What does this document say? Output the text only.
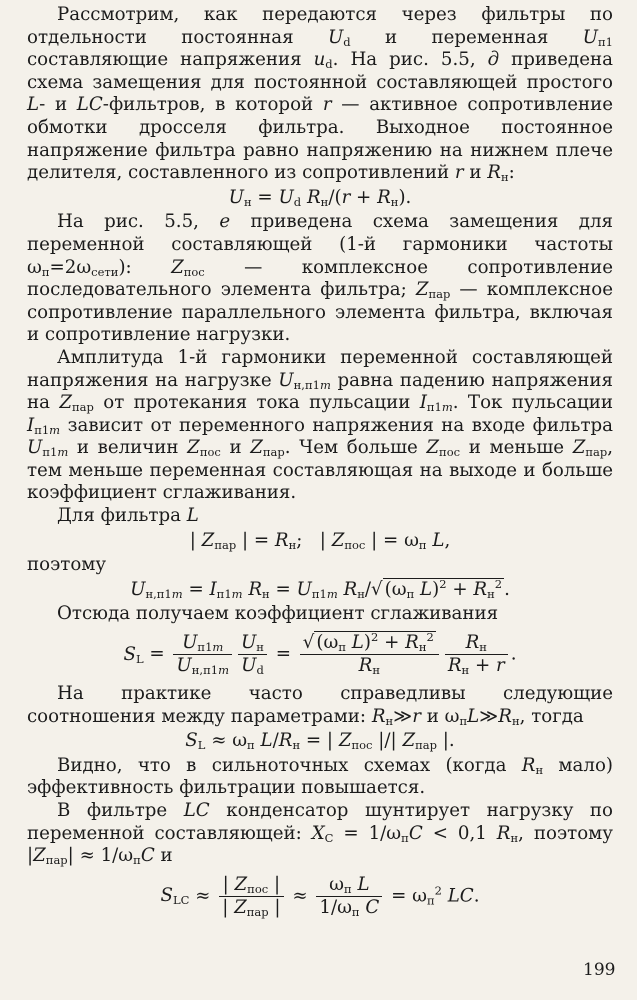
Рассмотрим, как передаются через фильтры по отдельности постоянная $U_d$ и переменная $U_{п1}$ составляющие напряжения $u_d$. На рис. 5.5, д приведена схема замещения для постоянной составляющей простого L- и LC-фильтров, в которой r — активное сопротивление обмотки дросселя фильтра. Выходное постоянное напряжение фильтра равно напряжению на нижнем плече делителя, составленного из сопротивлений r и $R_н$:

$U_н = U_d$ $R_н/(r + R_н)$.

На рис. 5.5, е приведена схема замещения для переменной составляющей (1-й гармоники частоты $\omega_п=2\omega_{сети}$): $Z_{пос}$ — комплексное сопротивление последовательного элемента фильтра; $Z_{пар}$ — комплексное сопротивление параллельного элемента фильтра, включая и сопротивление нагрузки.

Амплитуда 1-й гармоники переменной составляющей напряжения на нагрузке $U_{н,п1m}$ равна падению напряжения на $Z_{пар}$ от протекания тока пульсации $I_{п1m}$. Ток пульсации $I_{п1m}$ зависит от переменного напряжения на входе фильтра $U_{п1m}$ и величин $Z_{пос}$ и $Z_{пар}$. Чем больше $Z_{пос}$ и меньше $Z_{пар}$, тем меньше переменная составляющая на выходе и больше коэффициент сглаживания.

Для фильтра L

| $Z_{пар}$ | = $R_н$;   | $Z_{пос}$ | = $\omega_п$ L,

поэтому

$U_{н,п1m} = I_{п1m}$ $R_н = U_{п1m}$ $R_н/√$ ($\omega_п$ $L)^2 + R_н^2$ .

Отсюда получаем коэффициент сглаживания

$S_L = \frac{U_{п1m}}{U_{н,п1m}} \frac{U_н}{U_d} = \frac{√ (\omega_п L)^2 + R_н^2}{R_н} \frac{R_н}{R_н + r}$ .

На практике часто справедливы следующие соотношения между параметрами: $R_н≫r$ и $\omega_пL≫R_н$, тогда

$S_L \approx \omega_п$ $L/R_н$ = | $Z_{пос}$ |/| $Z_{пар}$ |.

Видно, что в сильноточных схемах (когда $R_н$ мало) эффективность фильтрации повышается.

В фильтре LC конденсатор шунтирует нагрузку по переменной составляющей: $X_C = 1/\omega_пC < 0,1$ $R_н$, поэтому $|Z_{пар}| \approx 1/\omega_пC$ и

$S_{LC} \approx \frac{| Z_{пос} |}{| Z_{пар} |} \approx \frac{\omega_п L}{1/\omega_п C} = \omega_п^2$ LC.
199
